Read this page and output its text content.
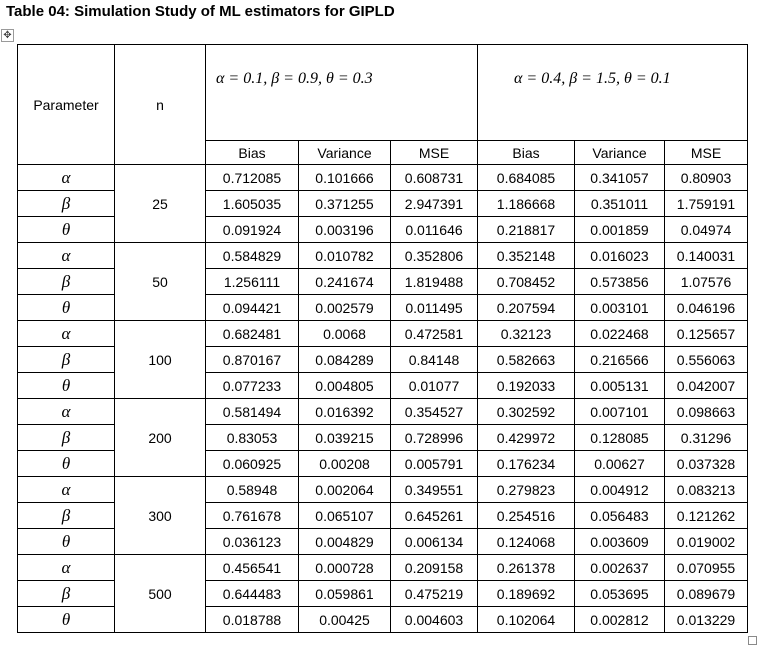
Table 04: Simulation Study of ML estimators for GIPLD
✥
Parameter	n	α = 0.1, β = 0.9, θ = 0.3			α = 0.4, β = 1.5, θ = 0.1		
		Bias	Variance	MSE	Bias	Variance	MSE
α	25	0.712085	0.101666	0.608731	0.684085	0.341057	0.80903
β		1.605035	0.371255	2.947391	1.186668	0.351011	1.759191
θ		0.091924	0.003196	0.011646	0.218817	0.001859	0.04974
α	50	0.584829	0.010782	0.352806	0.352148	0.016023	0.140031
β		1.256111	0.241674	1.819488	0.708452	0.573856	1.07576
θ		0.094421	0.002579	0.011495	0.207594	0.003101	0.046196
α	100	0.682481	0.0068	0.472581	0.32123	0.022468	0.125657
β		0.870167	0.084289	0.84148	0.582663	0.216566	0.556063
θ		0.077233	0.004805	0.01077	0.192033	0.005131	0.042007
α	200	0.581494	0.016392	0.354527	0.302592	0.007101	0.098663
β		0.83053	0.039215	0.728996	0.429972	0.128085	0.31296
θ		0.060925	0.00208	0.005791	0.176234	0.00627	0.037328
α	300	0.58948	0.002064	0.349551	0.279823	0.004912	0.083213
β		0.761678	0.065107	0.645261	0.254516	0.056483	0.121262
θ		0.036123	0.004829	0.006134	0.124068	0.003609	0.019002
α	500	0.456541	0.000728	0.209158	0.261378	0.002637	0.070955
β		0.644483	0.059861	0.475219	0.189692	0.053695	0.089679
θ		0.018788	0.00425	0.004603	0.102064	0.002812	0.013229
